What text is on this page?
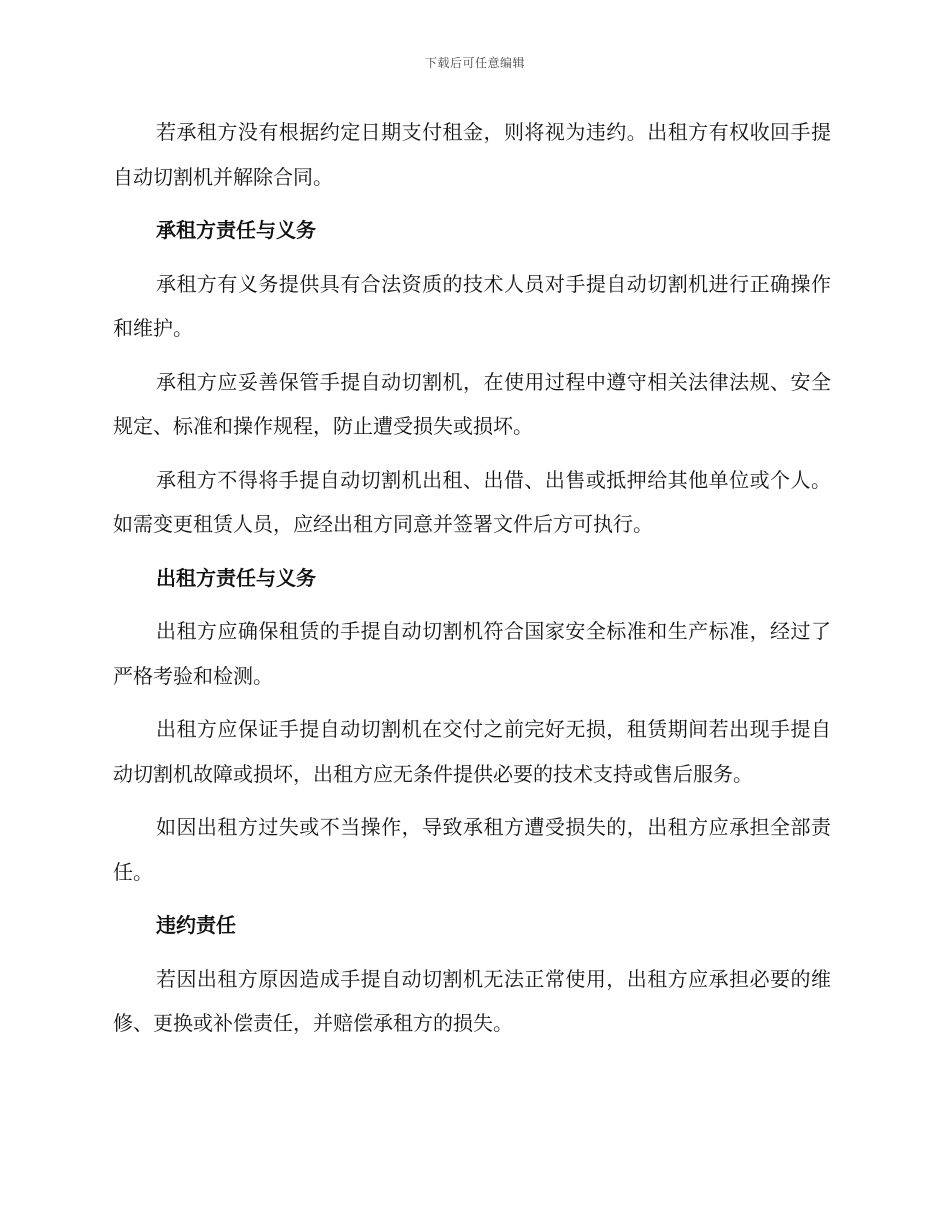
下载后可任意编辑

若承租方没有根据约定日期支付租金，则将视为违约。出租方有权收回手提自动切割机并解除合同。

承租方责任与义务

承租方有义务提供具有合法资质的技术人员对手提自动切割机进行正确操作和维护。

承租方应妥善保管手提自动切割机，在使用过程中遵守相关法律法规、安全规定、标准和操作规程，防止遭受损失或损坏。

承租方不得将手提自动切割机出租、出借、出售或抵押给其他单位或个人。如需变更租赁人员，应经出租方同意并签署文件后方可执行。

出租方责任与义务

出租方应确保租赁的手提自动切割机符合国家安全标准和生产标准，经过了严格考验和检测。

出租方应保证手提自动切割机在交付之前完好无损，租赁期间若出现手提自动切割机故障或损坏，出租方应无条件提供必要的技术支持或售后服务。

如因出租方过失或不当操作，导致承租方遭受损失的，出租方应承担全部责任。

违约责任

若因出租方原因造成手提自动切割机无法正常使用，出租方应承担必要的维修、更换或补偿责任，并赔偿承租方的损失。
